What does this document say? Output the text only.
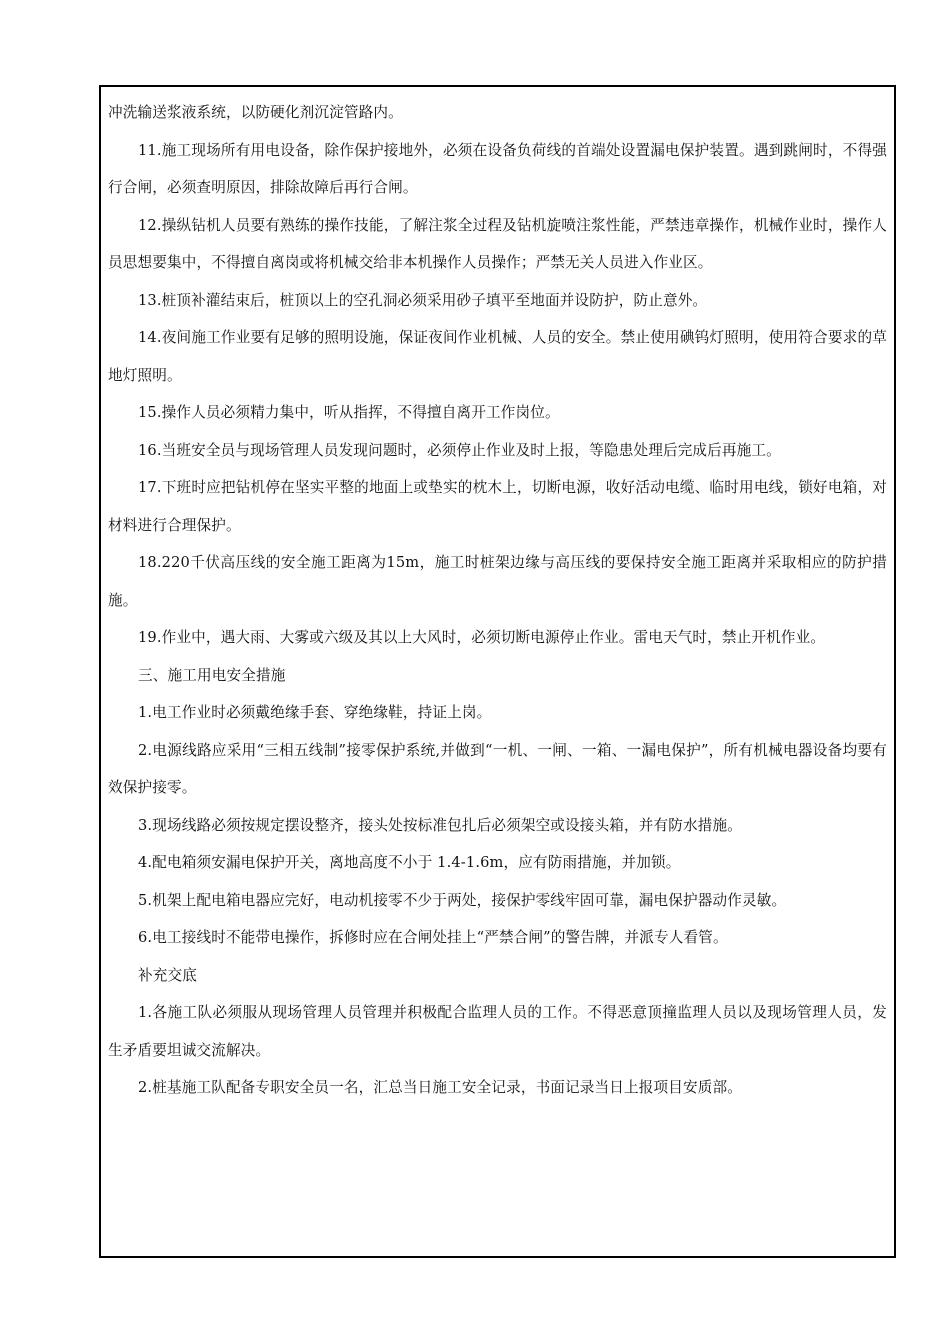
冲洗输送浆液系统，以防硬化剂沉淀管路内。

11.施工现场所有用电设备，除作保护接地外，必须在设备负荷线的首端处设置漏电保护装置。遇到跳闸时，不得强行合闸，必须查明原因，排除故障后再行合闸。

12.操纵钻机人员要有熟练的操作技能，了解注浆全过程及钻机旋喷注浆性能，严禁违章操作，机械作业时，操作人员思想要集中，不得擅自离岗或将机械交给非本机操作人员操作；严禁无关人员进入作业区。

13.桩顶补灌结束后，桩顶以上的空孔洞必须采用砂子填平至地面并设防护，防止意外。

14.夜间施工作业要有足够的照明设施，保证夜间作业机械、人员的安全。禁止使用碘钨灯照明，使用符合要求的草地灯照明。

15.操作人员必须精力集中，听从指挥，不得擅自离开工作岗位。

16.当班安全员与现场管理人员发现问题时，必须停止作业及时上报，等隐患处理后完成后再施工。

17.下班时应把钻机停在坚实平整的地面上或垫实的枕木上，切断电源，收好活动电缆、临时用电线，锁好电箱，对材料进行合理保护。

18.220千伏高压线的安全施工距离为15m，施工时桩架边缘与高压线的要保持安全施工距离并采取相应的防护措施。

19.作业中，遇大雨、大雾或六级及其以上大风时，必须切断电源停止作业。雷电天气时，禁止开机作业。

三、施工用电安全措施

1.电工作业时必须戴绝缘手套、穿绝缘鞋，持证上岗。

2.电源线路应采用“三相五线制”接零保护系统,并做到“一机、一闸、一箱、一漏电保护”，所有机械电器设备均要有效保护接零。

3.现场线路必须按规定摆设整齐，接头处按标准包扎后必须架空或设接头箱，并有防水措施。

4.配电箱须安漏电保护开关，离地高度不小于 1.4-1.6m，应有防雨措施，并加锁。

5.机架上配电箱电器应完好，电动机接零不少于两处，接保护零线牢固可靠，漏电保护器动作灵敏。

6.电工接线时不能带电操作，拆修时应在合闸处挂上“严禁合闸”的警告牌，并派专人看管。

补充交底

1.各施工队必须服从现场管理人员管理并积极配合监理人员的工作。不得恶意顶撞监理人员以及现场管理人员，发生矛盾要坦诚交流解决。

2.桩基施工队配备专职安全员一名，汇总当日施工安全记录，书面记录当日上报项目安质部。
